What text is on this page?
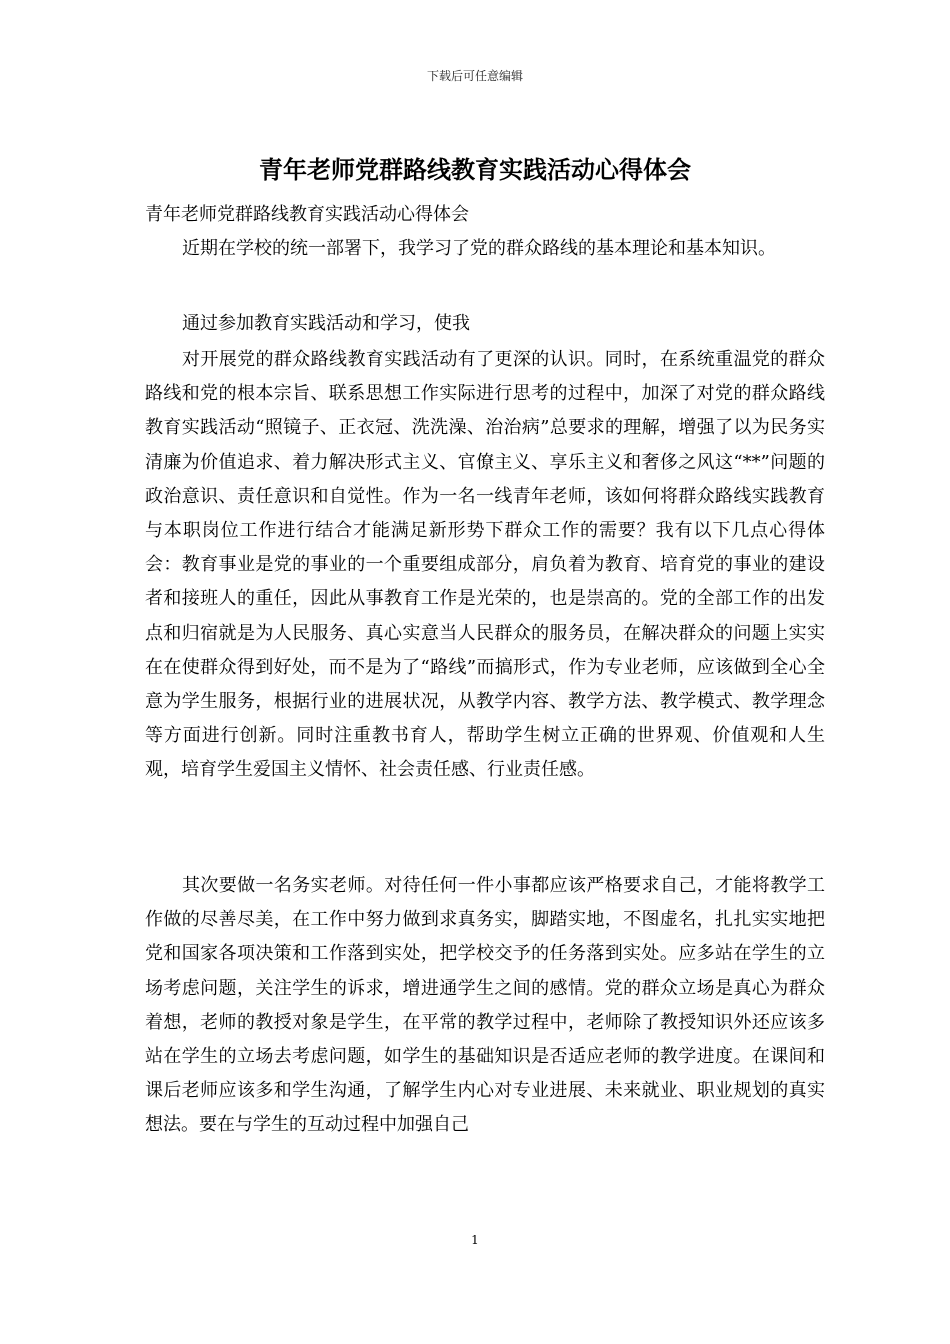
下载后可任意编辑
青年老师党群路线教育实践活动心得体会
青年老师党群路线教育实践活动心得体会

近期在学校的统一部署下，我学习了党的群众路线的基本理论和基本知识。

通过参加教育实践活动和学习，使我

对开展党的群众路线教育实践活动有了更深的认识。同时，在系统重温党的群众路线和党的根本宗旨、联系思想工作实际进行思考的过程中，加深了对党的群众路线教育实践活动“照镜子、正衣冠、洗洗澡、治治病”总要求的理解，增强了以为民务实清廉为价值追求、着力解决形式主义、官僚主义、享乐主义和奢侈之风这“**”问题的政治意识、责任意识和自觉性。作为一名一线青年老师，该如何将群众路线实践教育与本职岗位工作进行结合才能满足新形势下群众工作的需要？我有以下几点心得体会：教育事业是党的事业的一个重要组成部分，肩负着为教育、培育党的事业的建设者和接班人的重任，因此从事教育工作是光荣的，也是崇高的。党的全部工作的出发点和归宿就是为人民服务、真心实意当人民群众的服务员，在解决群众的问题上实实在在使群众得到好处，而不是为了“路线”而搞形式，作为专业老师，应该做到全心全意为学生服务，根据行业的进展状况，从教学内容、教学方法、教学模式、教学理念等方面进行创新。同时注重教书育人，帮助学生树立正确的世界观、价值观和人生观，培育学生爱国主义情怀、社会责任感、行业责任感。

其次要做一名务实老师。对待任何一件小事都应该严格要求自己，才能将教学工作做的尽善尽美，在工作中努力做到求真务实，脚踏实地，不图虚名，扎扎实实地把党和国家各项决策和工作落到实处，把学校交予的任务落到实处。应多站在学生的立场考虑问题，关注学生的诉求，增进通学生之间的感情。党的群众立场是真心为群众着想，老师的教授对象是学生，在平常的教学过程中，老师除了教授知识外还应该多站在学生的立场去考虑问题，如学生的基础知识是否适应老师的教学进度。在课间和课后老师应该多和学生沟通，了解学生内心对专业进展、未来就业、职业规划的真实想法。要在与学生的互动过程中加强自己

1
